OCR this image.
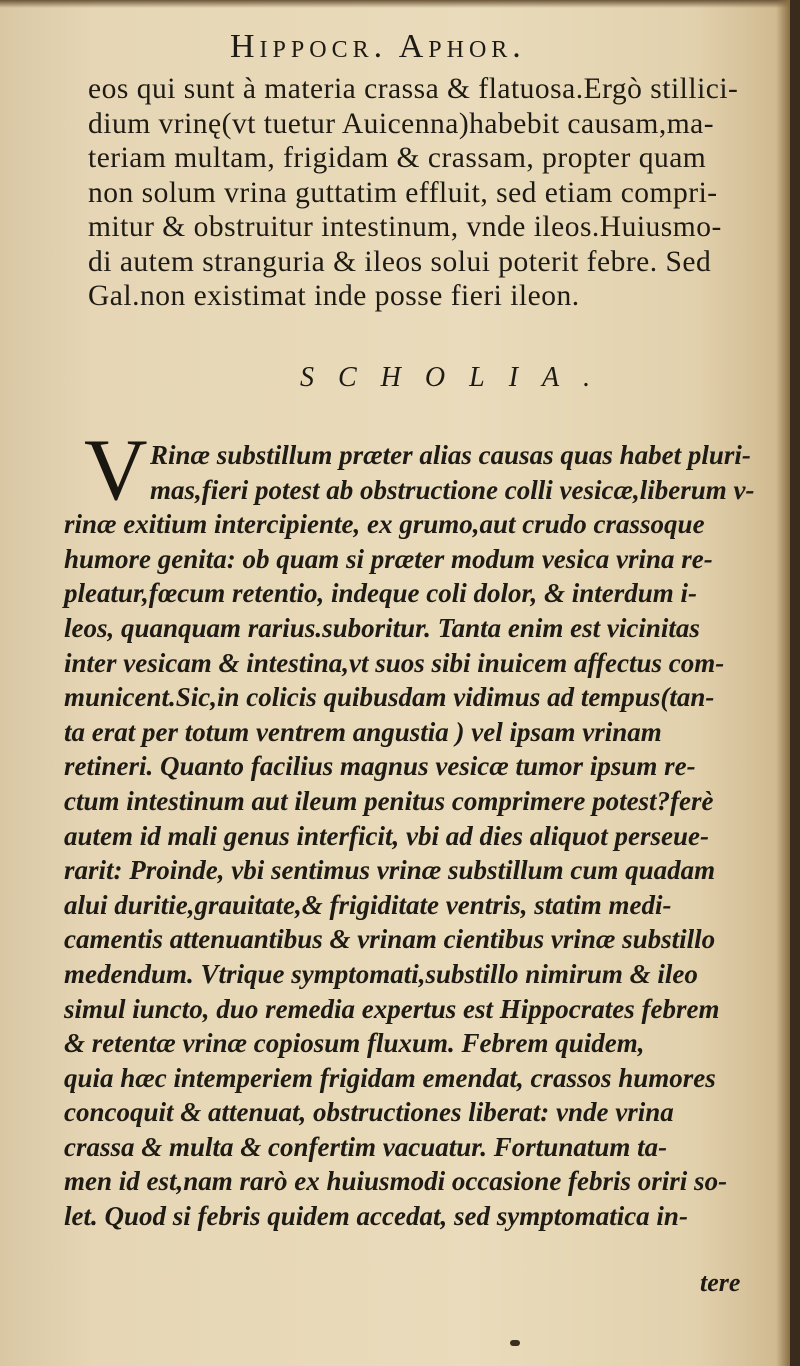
Hippocr. Aphor.
eos qui sunt à materia crassa & flatuosa.Ergò stillici-
dium vrinę(vt tuetur Auicenna)habebit causam,ma-
teriam multam, frigidam & crassam, propter quam
non solum vrina guttatim effluit, sed etiam compri-
mitur & obstruitur intestinum, vnde ileos.Huiusmo-
di autem stranguria & ileos solui poterit febre. Sed
Gal.non existimat inde posse fieri ileon.
SCHOLIA.
V Rinæ substillum præter alias causas quas habet pluri-
mas,fieri potest ab obstructione colli vesicæ,liberum v-
rinæ exitium intercipiente, ex grumo,aut crudo crassoque
humore genita: ob quam si præter modum vesica vrina re-
pleatur,fœcum retentio, indeque coli dolor, & interdum i-
leos, quanquam rarius.suboritur. Tanta enim est vicinitas
inter vesicam & intestina,vt suos sibi inuicem affectus com-
municent.Sic,in colicis quibusdam vidimus ad tempus(tan-
ta erat per totum ventrem angustia ) vel ipsam vrinam
retineri. Quanto facilius magnus vesicæ tumor ipsum re-
ctum intestinum aut ileum penitus comprimere potest?ferè
autem id mali genus interficit, vbi ad dies aliquot perseue-
rarit: Proinde, vbi sentimus vrinæ substillum cum quadam
alui duritie,grauitate,& frigiditate ventris, statim medi-
camentis attenuantibus & vrinam cientibus vrinæ substillo
medendum. Vtrique symptomati,substillo nimirum & ileo
simul iuncto, duo remedia expertus est Hippocrates febrem
& retentæ vrinæ copiosum fluxum. Febrem quidem,
quia hæc intemperiem frigidam emendat, crassos humores
concoquit & attenuat, obstructiones liberat: vnde vrina
crassa & multa & confertim vacuatur. Fortunatum ta-
men id est,nam rarò ex huiusmodi occasione febris oriri so-
let. Quod si febris quidem accedat, sed symptomatica in-
tere
